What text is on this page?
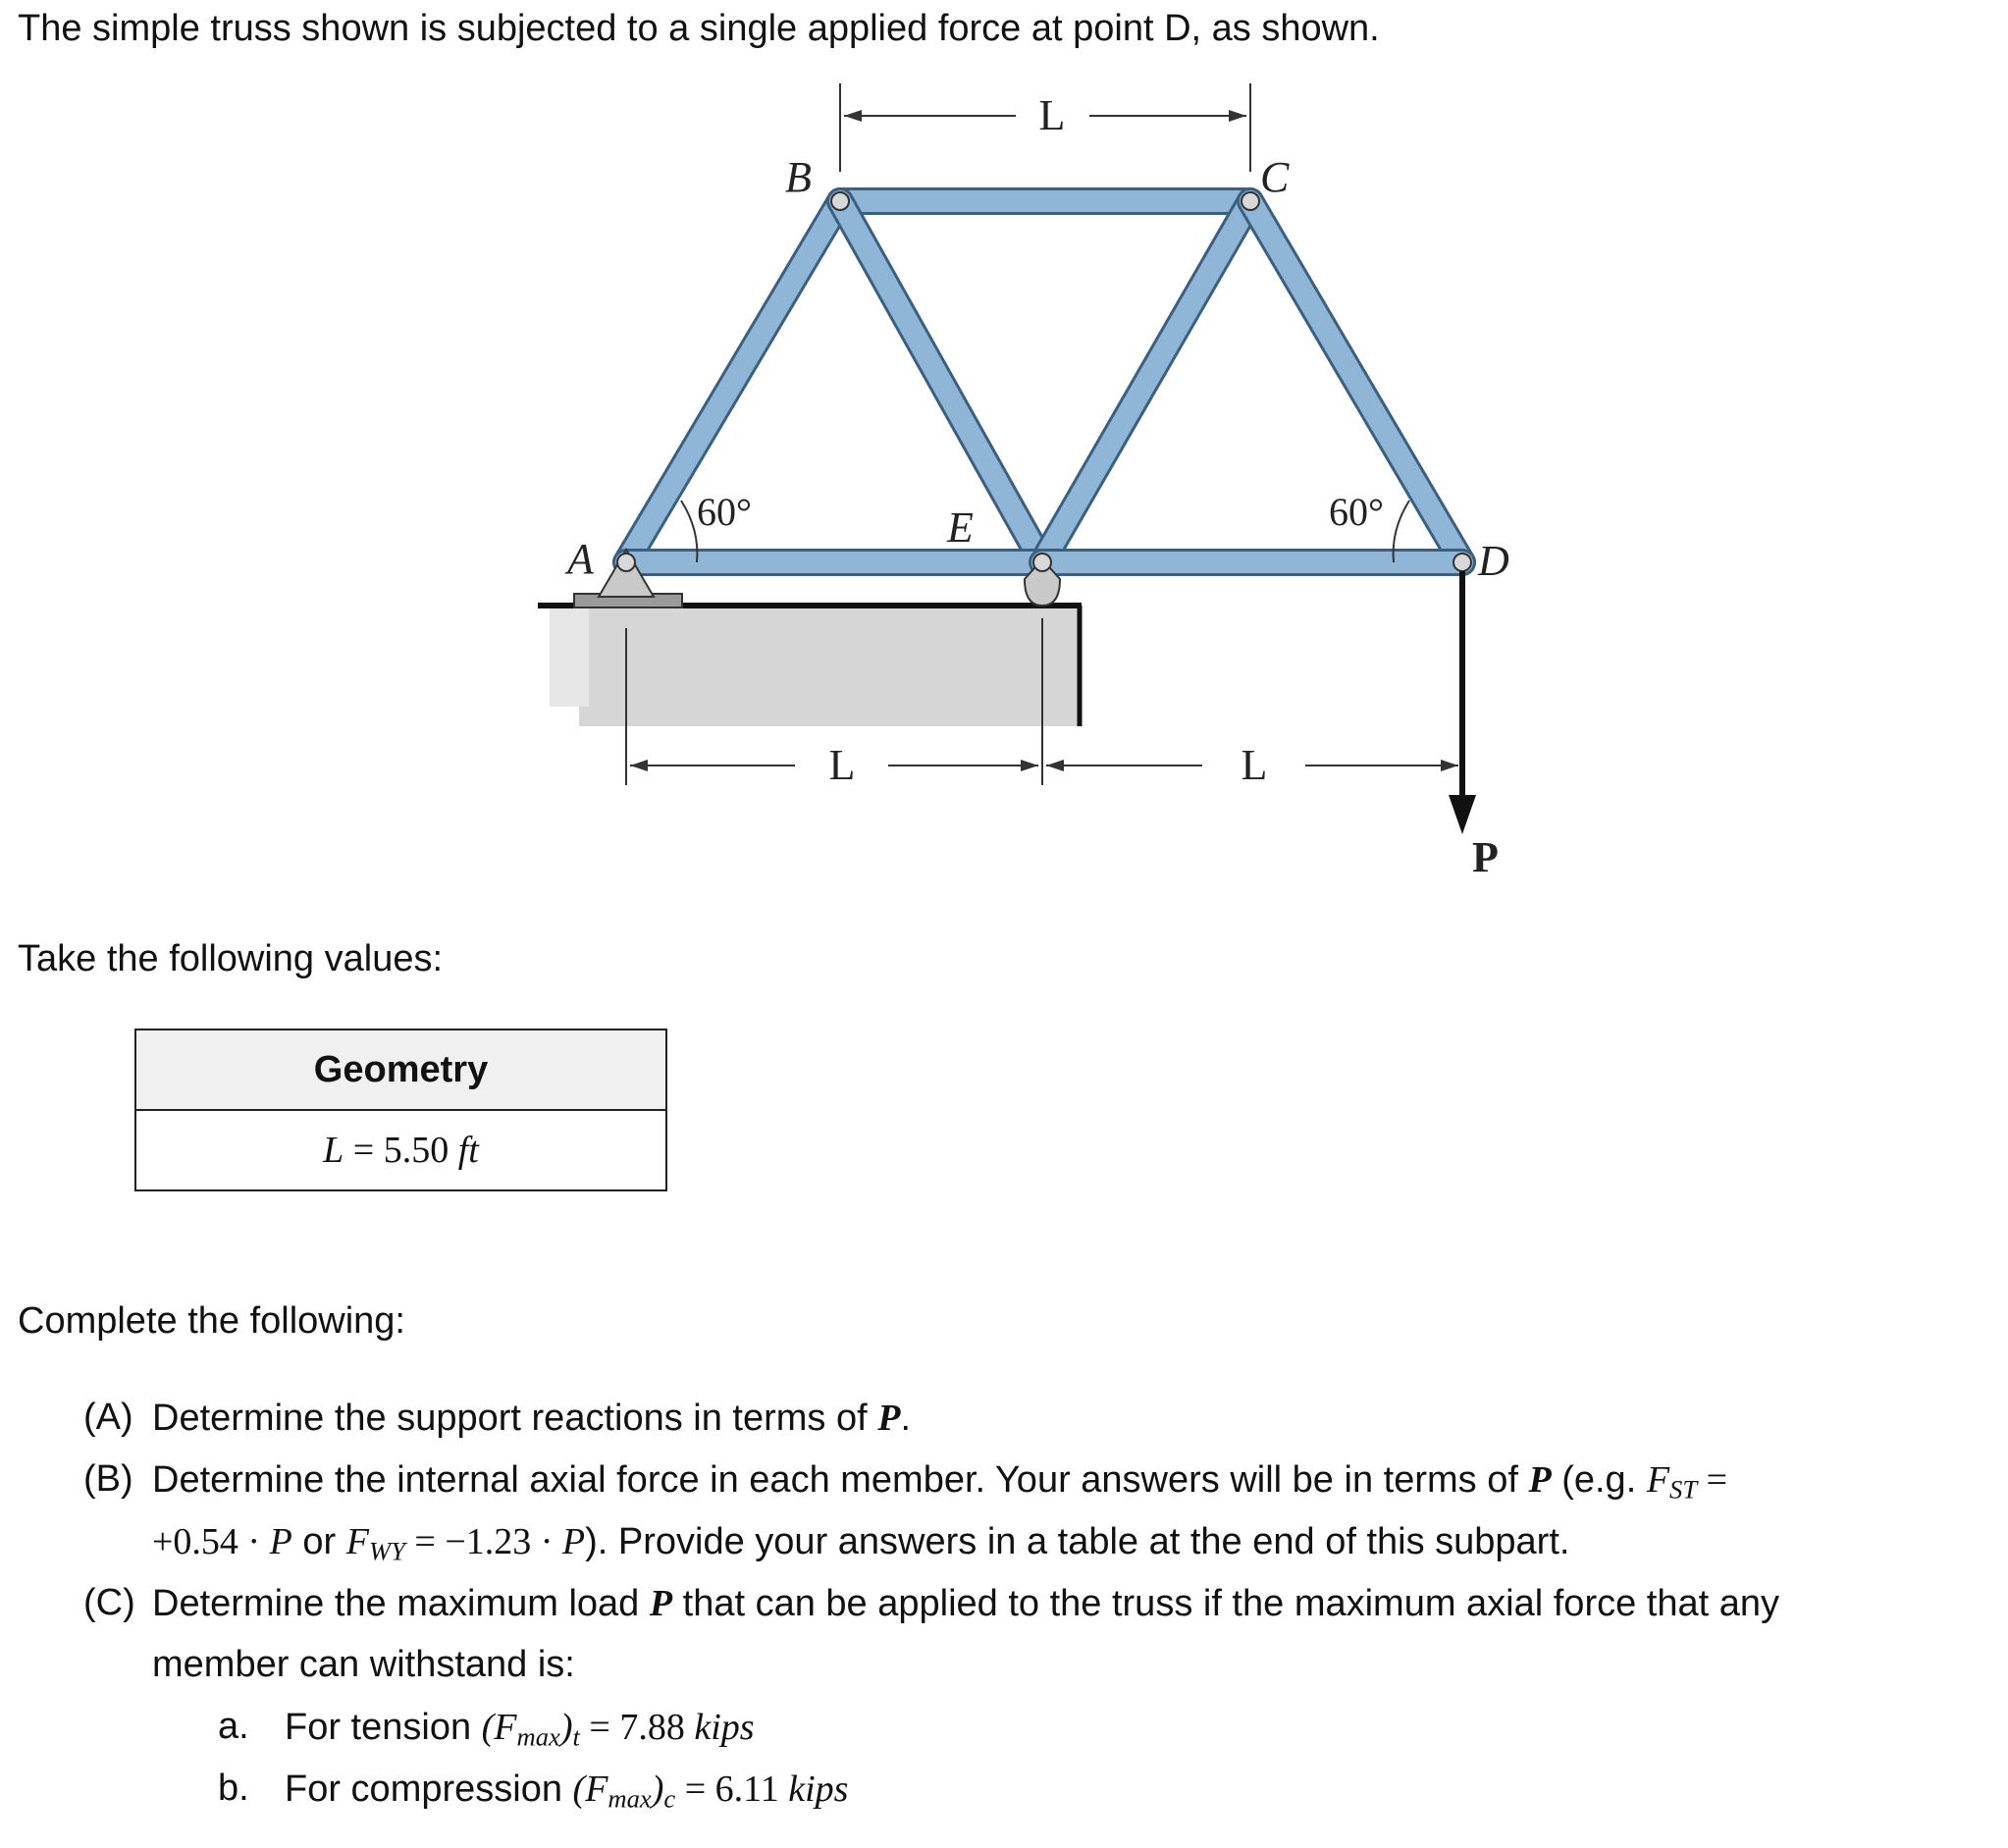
The simple truss shown is subjected to a single applied force at point D, as shown.
L
L	L
60°	60°
A
B	C
E
D
P
Take the following values:
Geometry
L = 5.50 ft
Complete the following:
(A) Determine the support reactions in terms of P.
(B) Determine the internal axial force in each member. Your answers will be in terms of P (e.g. $F_{ST}$ =
+0.54 · P or $F_{WY} = -1.23 \cdot P$). Provide your answers in a table at the end of this subpart.
(C) Determine the maximum load P that can be applied to the truss if the maximum axial force that any
member can withstand is:
a. For tension $(F_{max})_t = 7.88$ kips
b. For compression $(F_{max})_c = 6.11$ kips
